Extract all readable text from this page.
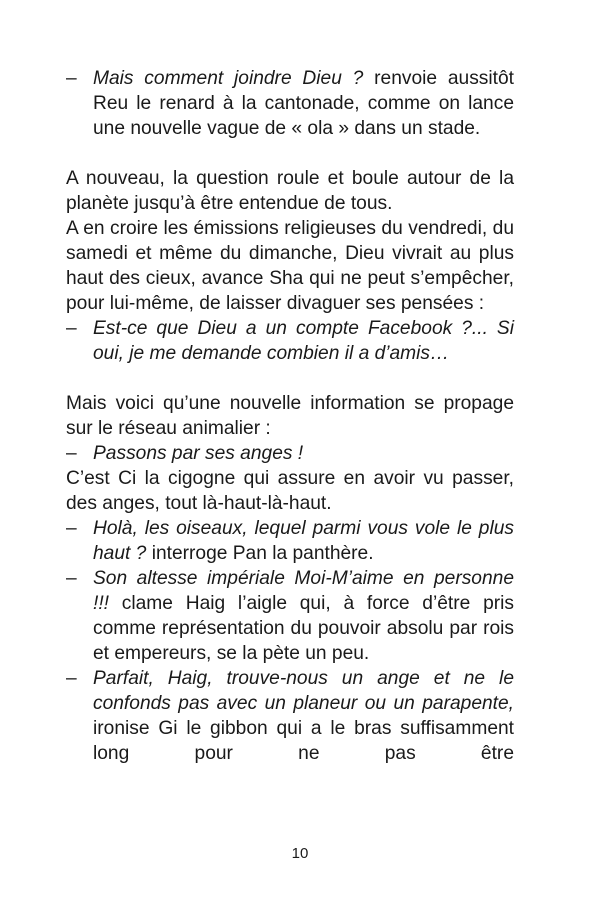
– Mais comment joindre Dieu ? renvoie aussitôt Reu le renard à la cantonade, comme on lance une nouvelle vague de « ola » dans un stade.

A nouveau, la question roule et boule autour de la planète jusqu’à être entendue de tous.

A en croire les émissions religieuses du vendredi, du samedi et même du dimanche, Dieu vivrait au plus haut des cieux, avance Sha qui ne peut s’empêcher, pour lui-même, de laisser divaguer ses pensées :

– Est-ce que Dieu a un compte Facebook ?... Si oui, je me demande combien il a d’amis…

Mais voici qu’une nouvelle information se propage sur le réseau animalier :

– Passons par ses anges !

C’est Ci la cigogne qui assure en avoir vu passer, des anges, tout là-haut-là-haut.

– Holà, les oiseaux, lequel parmi vous vole le plus haut ? interroge Pan la panthère.

– Son altesse impériale Moi-M’aime en personne !!! clame Haig l’aigle qui, à force d’être pris comme représentation du pouvoir absolu par rois et empereurs, se la pète un peu.

– Parfait, Haig, trouve-nous un ange et ne le confonds pas avec un planeur ou un parapente, ironise Gi le gibbon qui a le bras suffisamment long pour ne pas être

10
